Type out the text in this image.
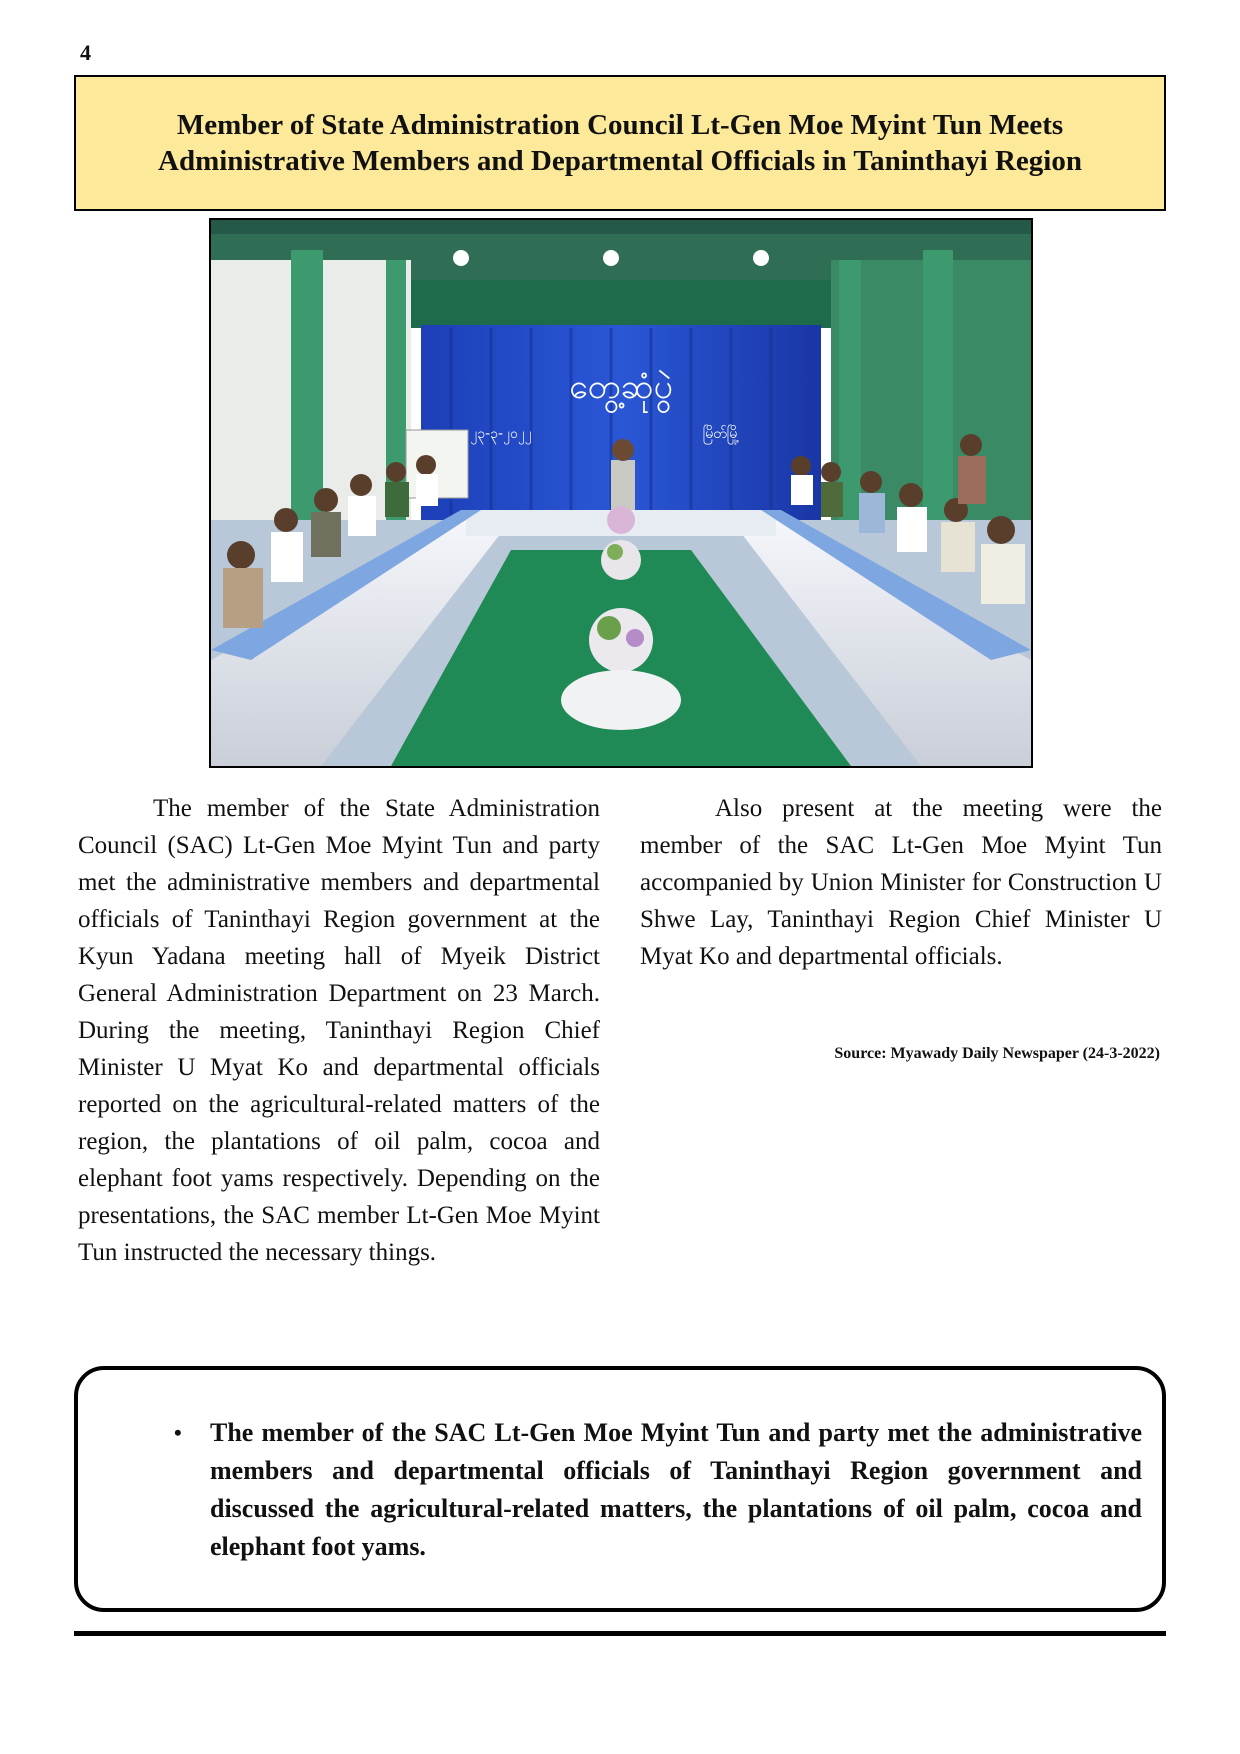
4
Member of State Administration Council Lt-Gen Moe Myint Tun Meets
Administrative Members and Departmental Officials in Taninthayi Region
တွေ့ဆုံပွဲ
၂၃-၃-၂၀၂၂	မြိတ်မြို့

The member of the State Administration Council (SAC) Lt-Gen Moe Myint Tun and party met the administrative members and departmental officials of Taninthayi Region government at the Kyun Yadana meeting hall of Myeik District General Administration Department on 23 March. During the meeting, Taninthayi Region Chief Minister U Myat Ko and departmental officials reported on the agricultural-related matters of the region, the plantations of oil palm, cocoa and elephant foot yams respectively. Depending on the presentations, the SAC member Lt-Gen Moe Myint Tun instructed the necessary things.

Also present at the meeting were the member of the SAC Lt-Gen Moe Myint Tun accompanied by Union Minister for Construction U Shwe Lay, Taninthayi Region Chief Minister U Myat Ko and departmental officials.

Source: Myawady Daily Newspaper (24-3-2022)
• The member of the SAC Lt-Gen Moe Myint Tun and party met the administrative members and departmental officials of Taninthayi Region government and discussed the agricultural-related matters, the plantations of oil palm, cocoa and elephant foot yams.
